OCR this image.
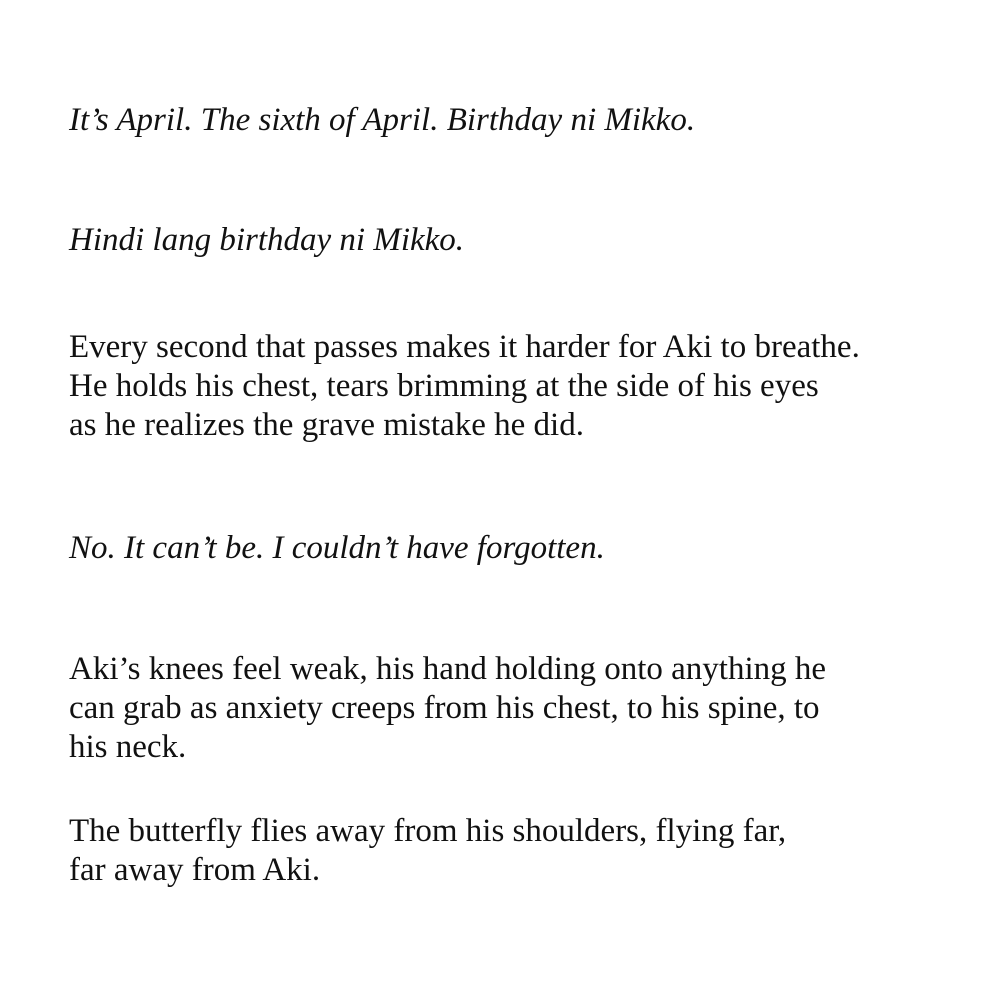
It’s April. The sixth of April. Birthday ni Mikko.

Hindi lang birthday ni Mikko.

Every second that passes makes it harder for Aki to breathe.

He holds his chest, tears brimming at the side of his eyes

as he realizes the grave mistake he did.

No. It can’t be. I couldn’t have forgotten.

Aki’s knees feel weak, his hand holding onto anything he

can grab as anxiety creeps from his chest, to his spine, to

his neck.

The butterfly flies away from his shoulders, flying far,

far away from Aki.
